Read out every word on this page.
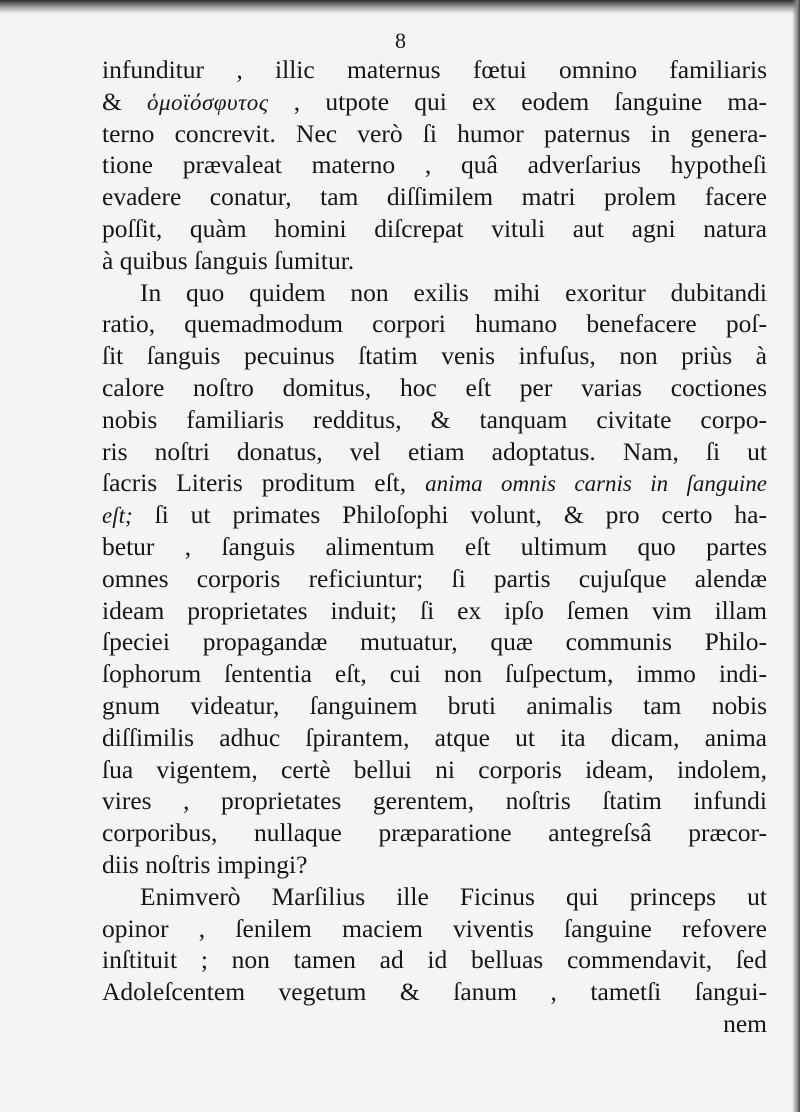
8
infunditur , illic maternus fœtui omnino familiaris
& ὁμοϊόσφυτος , utpote qui ex eodem ſanguine ma-
terno concrevit. Nec verò ſi humor paternus in genera-
tione prævaleat materno , quâ adverſarius hypotheſi
evadere conatur, tam diſſimilem matri prolem facere
poſſit, quàm homini diſcrepat vituli aut agni natura
à quibus ſanguis ſumitur.
In quo quidem non exilis mihi exoritur dubitandi
ratio, quemadmodum corpori humano benefacere poſ-
ſit ſanguis pecuinus ſtatim venis infuſus, non priùs à
calore noſtro domitus, hoc eſt per varias coctiones
nobis familiaris redditus, & tanquam civitate corpo-
ris noſtri donatus, vel etiam adoptatus. Nam, ſi ut
ſacris Literis proditum eſt, anima omnis carnis in ſanguine
eſt; ſi ut primates Philoſophi volunt, & pro certo ha-
betur , ſanguis alimentum eſt ultimum quo partes
omnes corporis reficiuntur; ſi partis cujuſque alendæ
ideam proprietates induit; ſi ex ipſo ſemen vim illam
ſpeciei propagandæ mutuatur, quæ communis Philo-
ſophorum ſententia eſt, cui non ſuſpectum, immo indi-
gnum videatur, ſanguinem bruti animalis tam nobis
diſſimilis adhuc ſpirantem, atque ut ita dicam, anima
ſua vigentem, certè bellui ni corporis ideam, indolem,
vires , proprietates gerentem, noſtris ſtatim infundi
corporibus, nullaque præparatione antegreſsâ præcor-
diis noſtris impingi?
Enimverò Marſilius ille Ficinus qui princeps ut
opinor , ſenilem maciem viventis ſanguine refovere
inſtituit ; non tamen ad id belluas commendavit, ſed
Adoleſcentem vegetum & ſanum , tametſi ſangui-
nem
